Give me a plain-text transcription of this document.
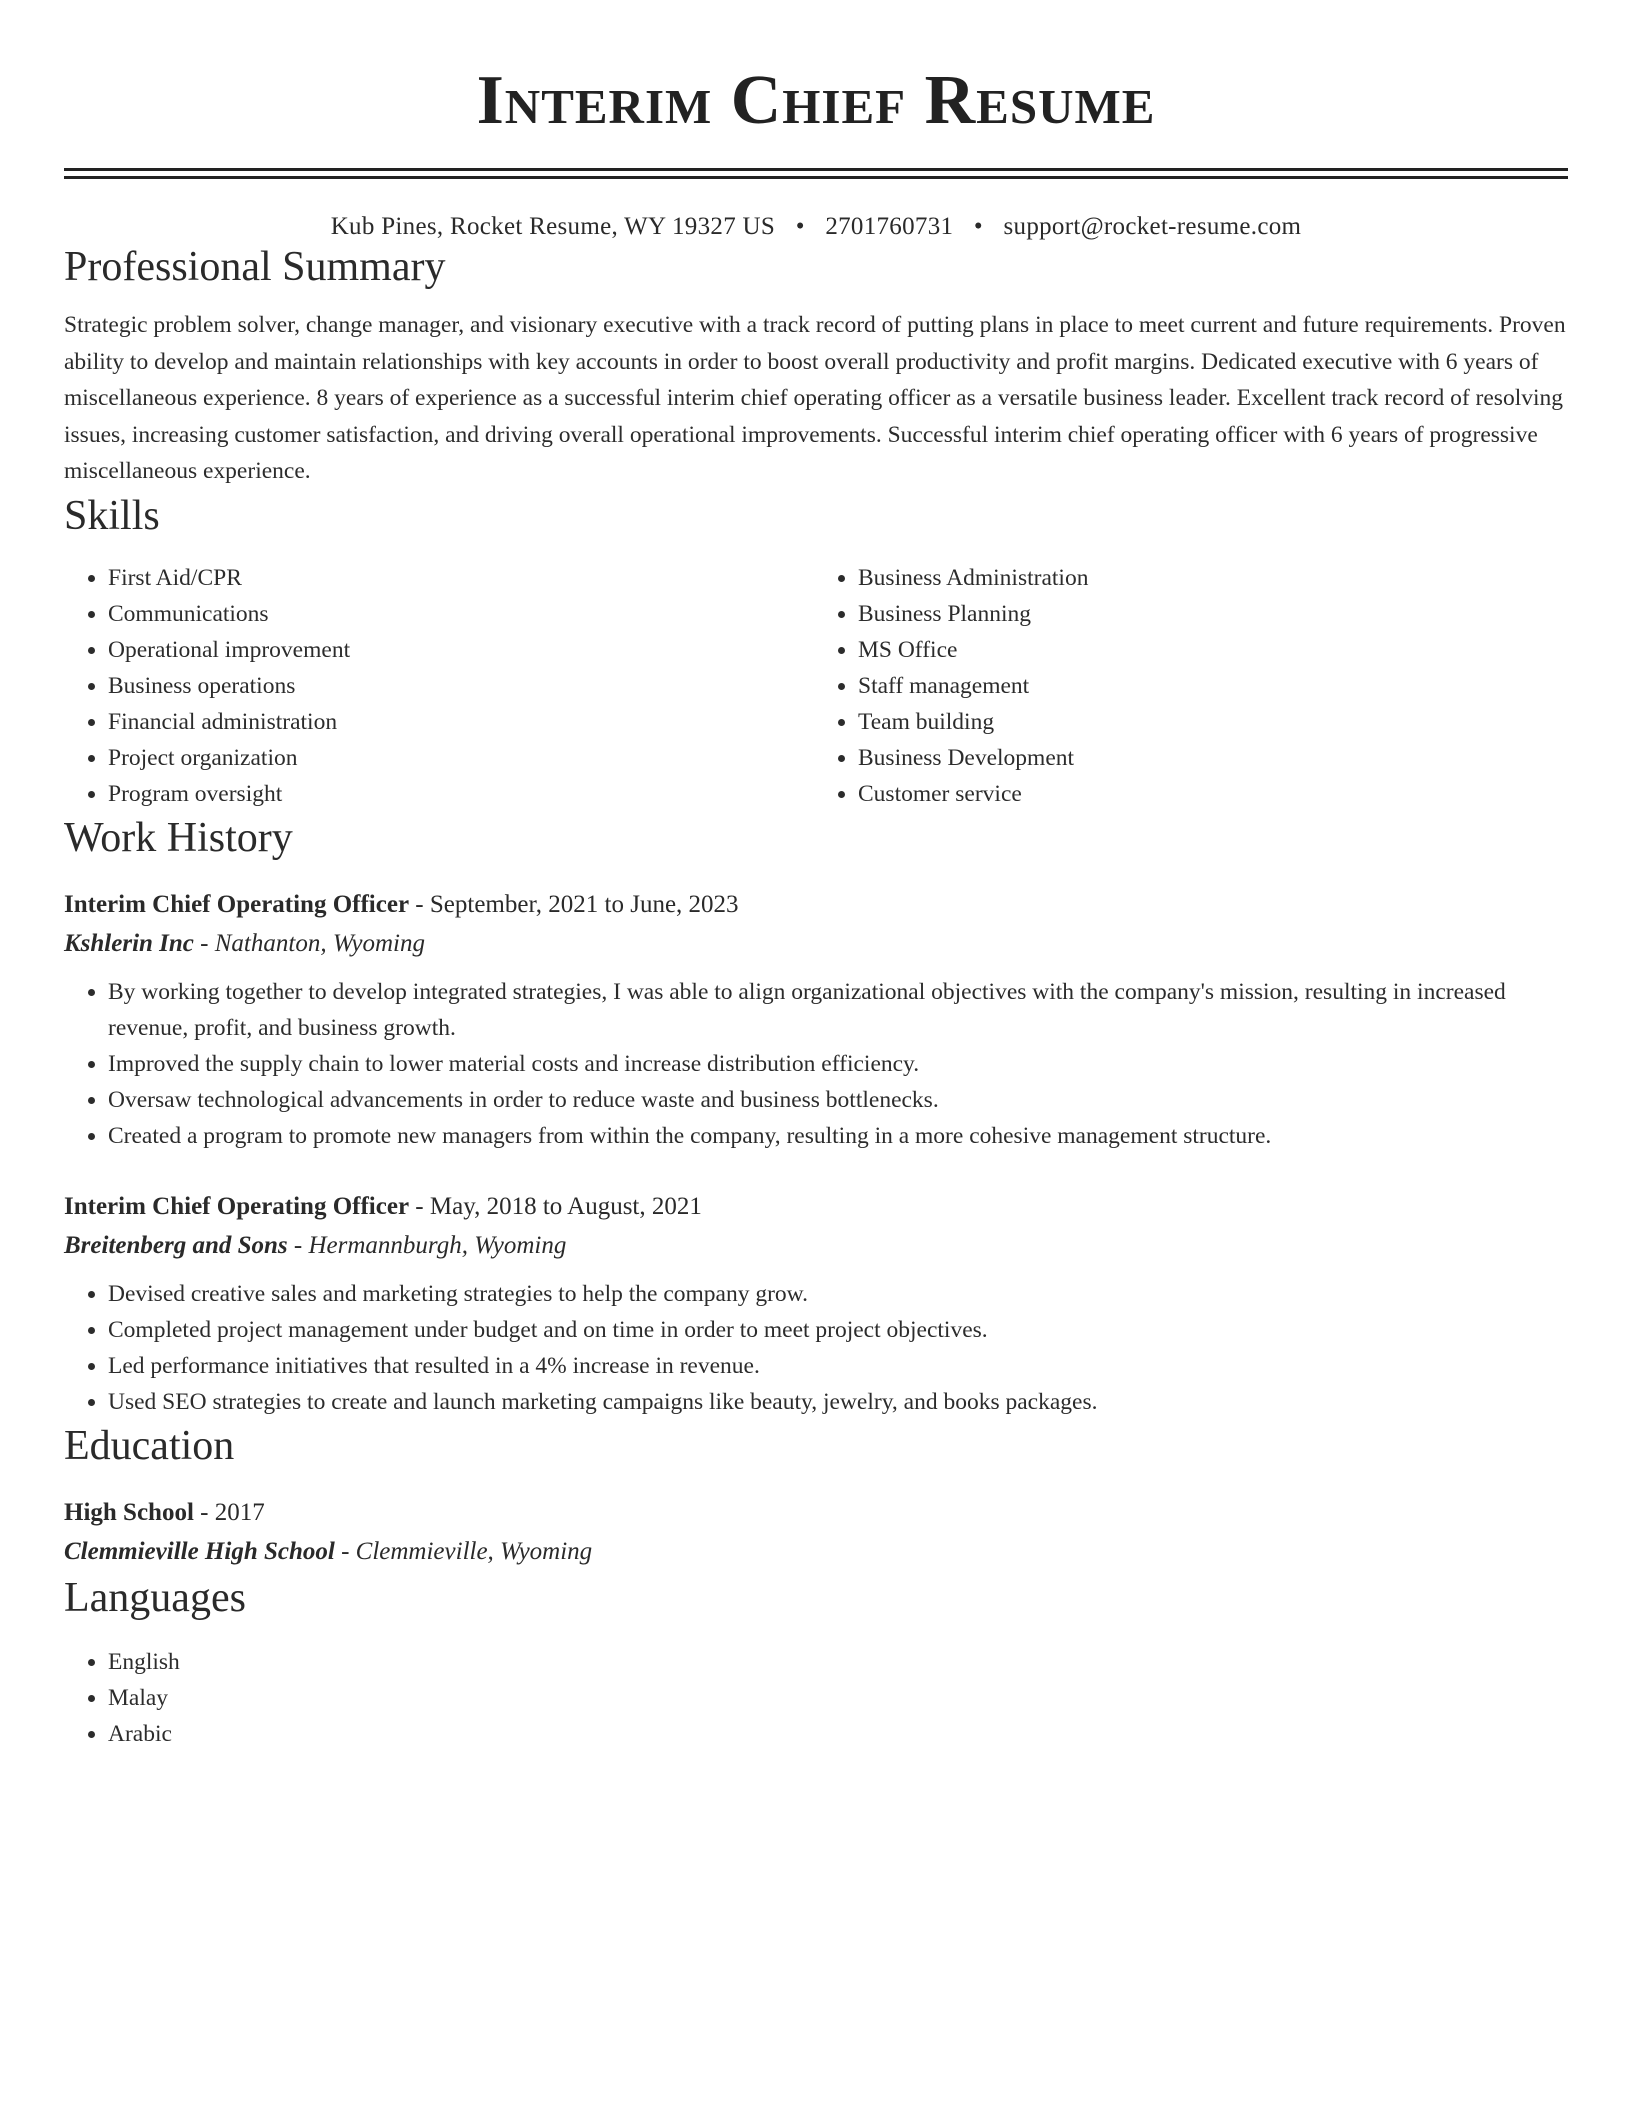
Interim Chief Resume
Kub Pines, Rocket Resume, WY 19327 US • 2701760731 • support@rocket-resume.com
Professional Summary

Strategic problem solver, change manager, and visionary executive with a track record of putting plans in place to meet current and future requirements. Proven ability to develop and maintain relationships with key accounts in order to boost overall productivity and profit margins. Dedicated executive with 6 years of miscellaneous experience. 8 years of experience as a successful interim chief operating officer as a versatile business leader. Excellent track record of resolving issues, increasing customer satisfaction, and driving overall operational improvements. Successful interim chief operating officer with 6 years of progressive miscellaneous experience.

Skills
• First Aid/CPR
• Communications
• Operational improvement
• Business operations
• Financial administration
• Project organization
• Program oversight
• Business Administration
• Business Planning
• MS Office
• Staff management
• Team building
• Business Development
• Customer service
Work History
Interim Chief Operating Officer - September, 2021 to June, 2023
Kshlerin Inc - Nathanton, Wyoming
• By working together to develop integrated strategies, I was able to align organizational objectives with the company's mission, resulting in increased revenue, profit, and business growth.
• Improved the supply chain to lower material costs and increase distribution efficiency.
• Oversaw technological advancements in order to reduce waste and business bottlenecks.
• Created a program to promote new managers from within the company, resulting in a more cohesive management structure.
Interim Chief Operating Officer - May, 2018 to August, 2021
Breitenberg and Sons - Hermannburgh, Wyoming
• Devised creative sales and marketing strategies to help the company grow.
• Completed project management under budget and on time in order to meet project objectives.
• Led performance initiatives that resulted in a 4% increase in revenue.
• Used SEO strategies to create and launch marketing campaigns like beauty, jewelry, and books packages.
Education
High School - 2017
Clemmieville High School - Clemmieville, Wyoming
Languages
• English
• Malay
• Arabic
